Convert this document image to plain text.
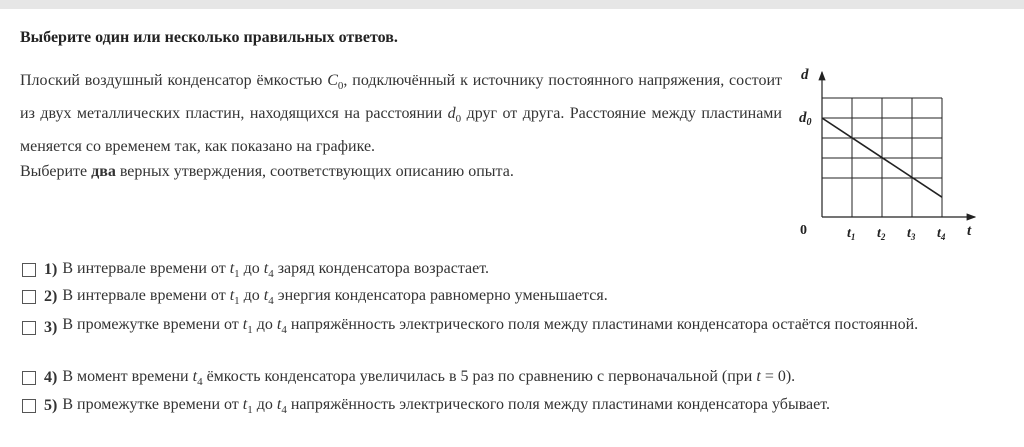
Выберите один или несколько правильных ответов.

Плоский воздушный конденсатор ёмкостью $C_0$, подключённый к источнику постоянного напряжения, состоит из двух металлических пластин, находящихся на расстоянии $d_0$ друг от друга. Расстояние между пластинами меняется со временем так, как показано на графике.

Выберите два верных утверждения, соответствующих описанию опыта.

d
$d_0$
t
$t_1$ $t_2$ $t_3$ $t_4$
0
1) В интервале времени от $t_1$ до $t_4$ заряд конденсатора возрастает.
2) В интервале времени от $t_1$ до $t_4$ энергия конденсатора равномерно уменьшается.
3) В промежутке времени от $t_1$ до $t_4$ напряжённость электрического поля между пластинами конденсатора остаётся постоянной.
4) В момент времени $t_4$ ёмкость конденсатора увеличилась в 5 раз по сравнению с первоначальной (при t = 0).
5) В промежутке времени от $t_1$ до $t_4$ напряжённость электрического поля между пластинами конденсатора убывает.
